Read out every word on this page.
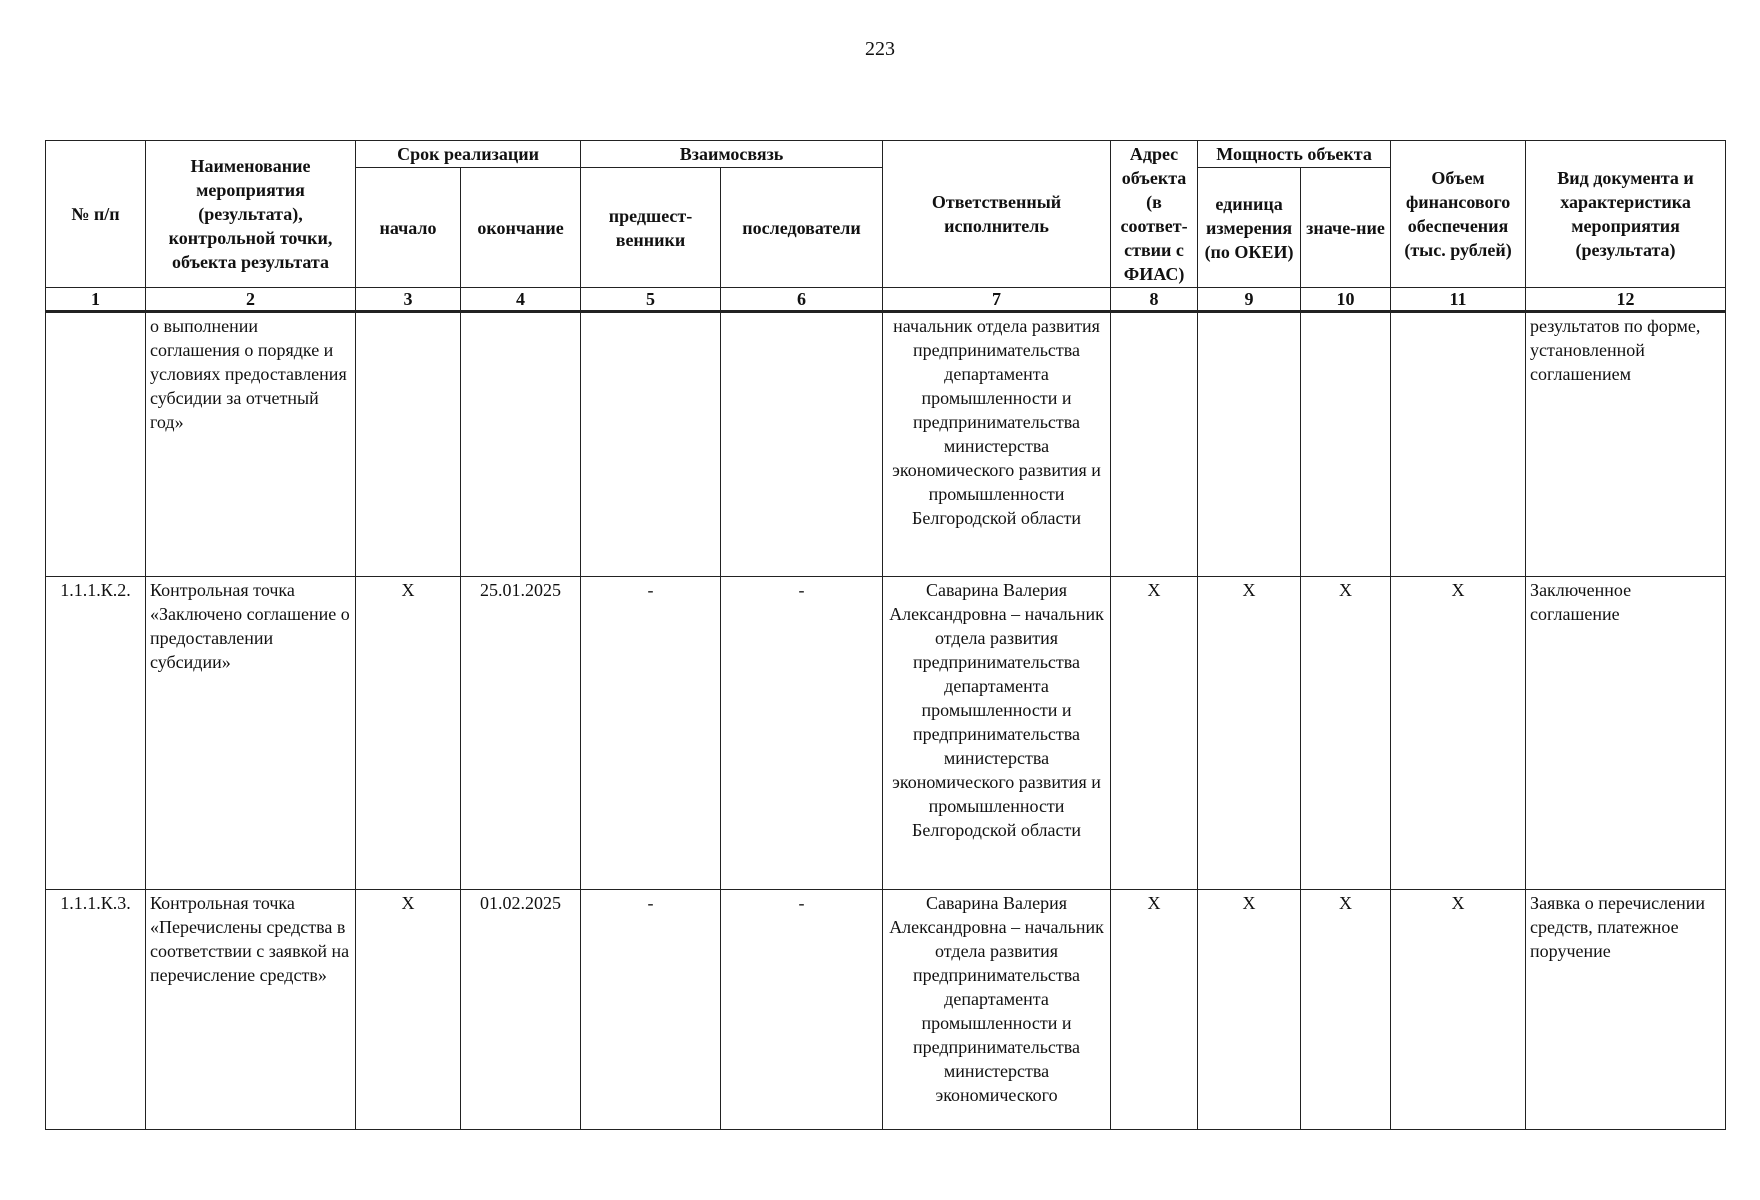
223
№ п/п	Наименование мероприятия (результата), контрольной точки, объекта результата	Срок реализации		Взаимосвязь		Ответственный исполнитель	Адрес объекта (в соответ-ствии с ФИАС)	Мощность объекта		Объем финансового обеспечения (тыс. рублей)	Вид документа и характеристика мероприятия (результата)
		начало	окончание	предшест-венники	последователи			единица измерения (по ОКЕИ)	значе-ние		
1	2	3	4	5	6	7	8	9	10	11	12
	о выполнении соглашения о порядке и условиях предоставления субсидии за отчетный год»					начальник отдела развития предпринимательства департамента промышленности и предпринимательства министерства экономического развития и промышленности Белгородской области					результатов по форме, установленной соглашением
1.1.1.К.2.	Контрольная точка «Заключено соглашение о предоставлении субсидии»	X	25.01.2025	-	-	Саварина Валерия Александровна – начальник отдела развития предпринимательства департамента промышленности и предпринимательства министерства экономического развития и промышленности Белгородской области	X	X	X	X	Заключенное соглашение
1.1.1.К.3.	Контрольная точка «Перечислены средства в соответствии с заявкой на перечисление средств»	X	01.02.2025	-	-	Саварина Валерия Александровна – начальник отдела развития предпринимательства департамента промышленности и предпринимательства министерства экономического	X	X	X	X	Заявка о перечислении средств, платежное поручение
